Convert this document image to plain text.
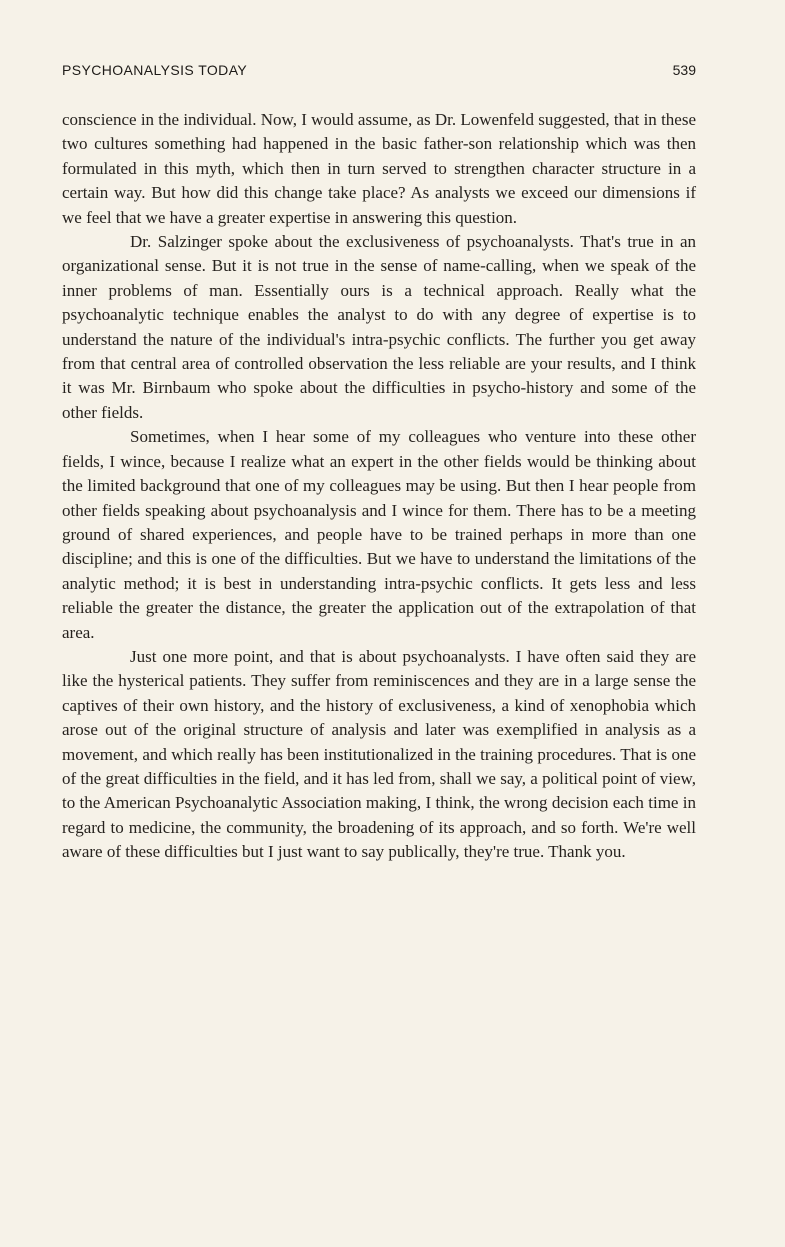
PSYCHOANALYSIS TODAY	539

conscience in the individual. Now, I would assume, as Dr. Lowenfeld suggested, that in these two cultures something had happened in the basic father-son relationship which was then formulated in this myth, which then in turn served to strengthen character structure in a certain way. But how did this change take place? As analysts we exceed our dimensions if we feel that we have a greater expertise in answering this question.

Dr. Salzinger spoke about the exclusiveness of psychoanalysts. That's true in an organizational sense. But it is not true in the sense of name-calling, when we speak of the inner problems of man. Essentially ours is a technical approach. Really what the psychoanalytic technique enables the analyst to do with any degree of expertise is to understand the nature of the individual's intra-psychic conflicts. The further you get away from that central area of controlled observation the less reliable are your results, and I think it was Mr. Birnbaum who spoke about the difficulties in psycho-history and some of the other fields.

Sometimes, when I hear some of my colleagues who venture into these other fields, I wince, because I realize what an expert in the other fields would be thinking about the limited background that one of my colleagues may be using. But then I hear people from other fields speaking about psychoanalysis and I wince for them. There has to be a meeting ground of shared experiences, and people have to be trained perhaps in more than one discipline; and this is one of the difficulties. But we have to understand the limitations of the analytic method; it is best in understanding intra-psychic conflicts. It gets less and less reliable the greater the distance, the greater the application out of the extrapolation of that area.

Just one more point, and that is about psychoanalysts. I have often said they are like the hysterical patients. They suffer from reminiscences and they are in a large sense the captives of their own history, and the history of exclusiveness, a kind of xenophobia which arose out of the original structure of analysis and later was exemplified in analysis as a movement, and which really has been institutionalized in the training procedures. That is one of the great difficulties in the field, and it has led from, shall we say, a political point of view, to the American Psychoanalytic Association making, I think, the wrong decision each time in regard to medicine, the community, the broadening of its approach, and so forth. We're well aware of these difficulties but I just want to say publically, they're true. Thank you.
